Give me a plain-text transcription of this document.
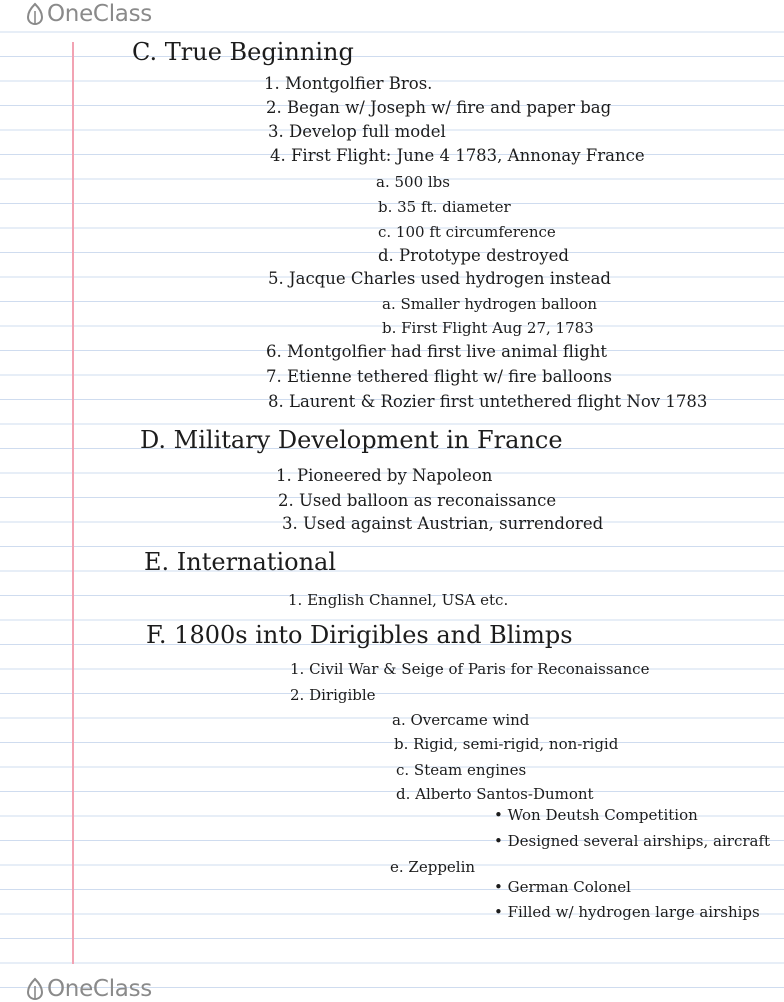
OneClass
OneClass
C. True Beginning
1. Montgolfier Bros.
2. Began w/ Joseph w/ fire and paper bag
3. Develop full model
4. First Flight: June 4 1783, Annonay France
a. 500 lbs
b. 35 ft. diameter
c. 100 ft circumference
d. Prototype destroyed
5. Jacque Charles used hydrogen instead
a. Smaller hydrogen balloon
b. First Flight Aug 27, 1783
6. Montgolfier had first live animal flight
7. Etienne tethered flight w/ fire balloons
8. Laurent & Rozier first untethered flight Nov 1783
D. Military Development in France
1. Pioneered by Napoleon
2. Used balloon as reconaissance
3. Used against Austrian, surrendored
E. International
1. English Channel, USA etc.
F. 1800s into Dirigibles and Blimps
1. Civil War & Seige of Paris for Reconaissance
2. Dirigible
a. Overcame wind
b. Rigid, semi-rigid, non-rigid
c. Steam engines
d. Alberto Santos-Dumont
• Won Deutsh Competition
• Designed several airships, aircraft
e. Zeppelin
• German Colonel
• Filled w/ hydrogen large airships
